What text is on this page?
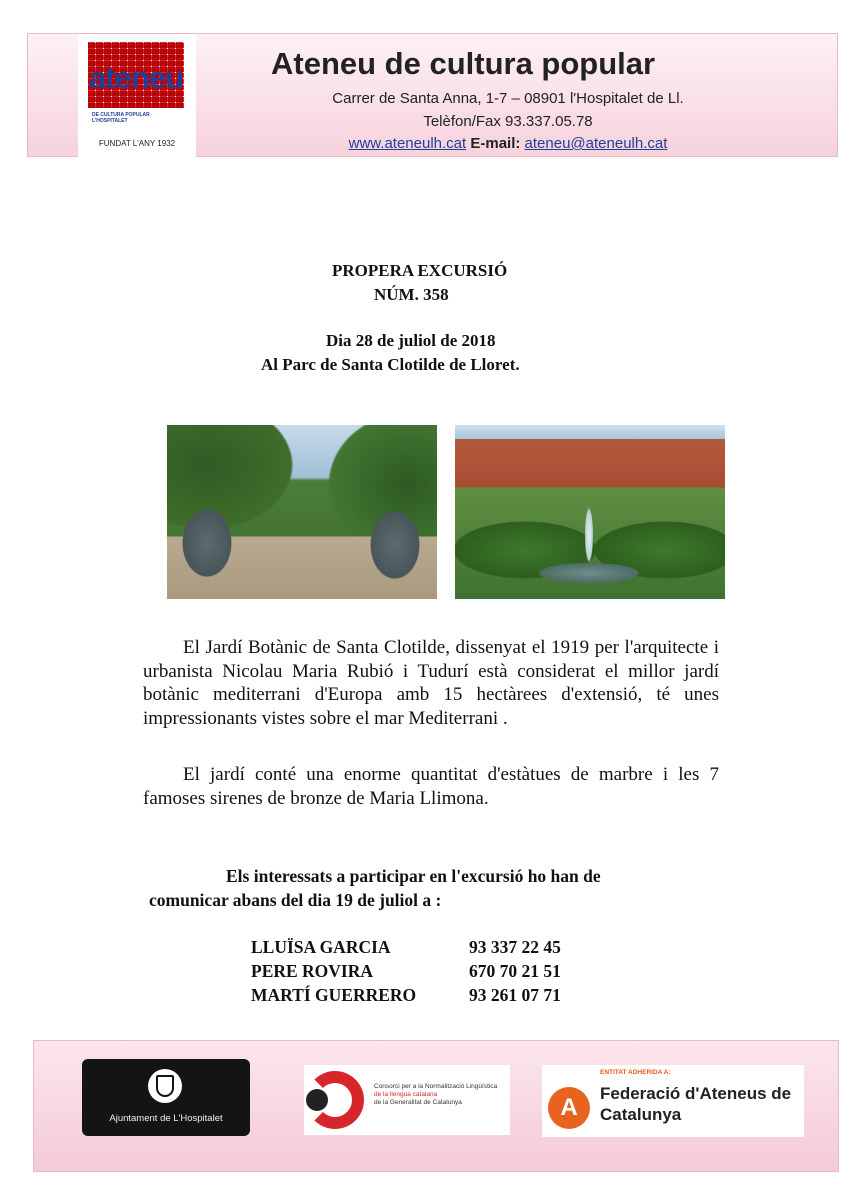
ateneu
DE CULTURA POPULAR L'HOSPITALET
FUNDAT L'ANY 1932
Ateneu de cultura popular
Carrer de Santa Anna, 1-7 – 08901 l'Hospitalet de Ll.
Telèfon/Fax 93.337.05.78
www.ateneulh.cat E-mail: ateneu@ateneulh.cat
PROPERA EXCURSIÓ
NÚM. 358
Dia 28 de juliol de 2018
Al Parc de Santa Clotilde de Lloret.
El Jardí Botànic de Santa Clotilde, dissenyat el 1919 per l'arquitecte i urbanista Nicolau Maria Rubió i Tudurí està considerat el millor jardí botànic mediterrani d'Europa amb 15 hectàrees d'extensió, té unes impressionants vistes sobre el mar Mediterrani .
El jardí conté una enorme quantitat d'estàtues de marbre i les 7 famoses sirenes de bronze de Maria Llimona.
Els interessats a participar en l'excursió ho han de
comunicar abans del dia 19 de juliol a :
LLUÏSA GARCIA	93 337 22 45
PERE ROVIRA	670 70 21 51
MARTÍ GUERRERO	93 261 07 71
Ajuntament de L'Hospitalet
Consorci per a la Normalització Lingüística
de la llengua catalana
de la Generalitat de Catalunya
ENTITAT ADHERIDA A:
A
Federació d'Ateneus de Catalunya
